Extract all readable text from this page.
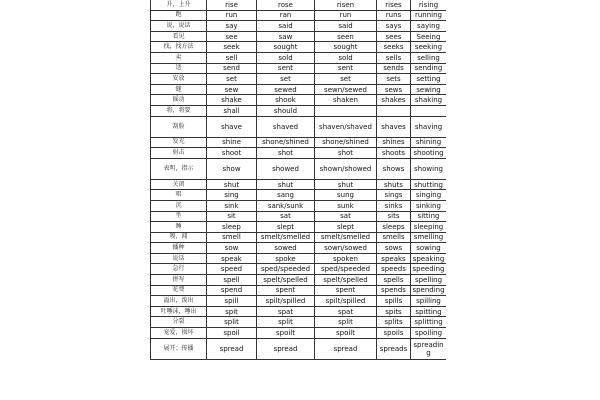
升，上升	rise	rose	risen	rises	rising
跑	run	ran	run	runs	running
说，说话	say	said	said	says	saying
看见	see	saw	seen	sees	Seeing
找，找方法	seek	sought	sought	seeks	seeking
卖	sell	sold	sold	sells	selling
送	send	sent	sent	sends	sending
安放	set	set	set	sets	setting
缝	sew	sewed	sewn/sewed	sews	sewing
摇动	shake	shook	shaken	shakes	shaking
将，将要	shall	should			
刮脸	shave	shaved	shaven/shaved	shaves	shaving
发光	shine	shone/shined	shone/shined	shines	shining
射击	shoot	shot	shot	shoots	shooting
表明，指示	show	showed	shown/showed	shows	showing
关闭	shut	shut	shut	shuts	shutting
唱	sing	sang	sung	sings	singing
沉	sink	sank/sunk	sunk	sinks	sinking
坐	sit	sat	sat	sits	sitting
睡	sleep	slept	slept	sleeps	sleeping
嗅，闻	smell	smelt/smelled	smelt/smelled	smells	smelling
播种	sow	sowed	sown/sowed	sows	sowing
说话	speak	spoke	spoken	speaks	speaking
急行	speed	sped/speeded	sped/speeded	speeds	speeding
拼写	spell	spelt/spelled	spelt/spelled	spells	spelling
花费	spend	spent	spent	spends	spending
溢出，泼出	spill	spilt/spilled	spilt/spilled	spills	spilling
吐唾沫，唾出	spit	spat	spat	spits	spitting
分裂	split	split	split	splits	splitting
宠爱，损坏	spoil	spoilt	spoilt	spoils	spoiling
展开；传播	spread	spread	spread	spreads	spreading
